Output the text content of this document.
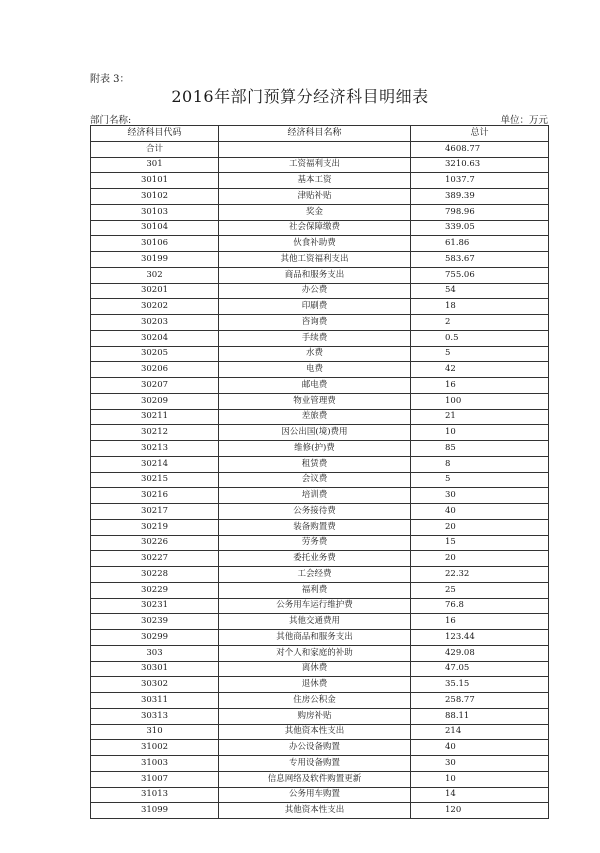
附表 3：
2016年部门预算分经济科目明细表
部门名称:	单位：万元
经济科目代码	经济科目名称	总计
合计		4608.77
301	工资福利支出	3210.63
30101	基本工资	1037.7
30102	津贴补贴	389.39
30103	奖金	798.96
30104	社会保障缴费	339.05
30106	伙食补助费	61.86
30199	其他工资福利支出	583.67
302	商品和服务支出	755.06
30201	办公费	54
30202	印刷费	18
30203	咨询费	2
30204	手续费	0.5
30205	水费	5
30206	电费	42
30207	邮电费	16
30209	物业管理费	100
30211	差旅费	21
30212	因公出国(境)费用	10
30213	维修(护)费	85
30214	租赁费	8
30215	会议费	5
30216	培训费	30
30217	公务接待费	40
30219	装备购置费	20
30226	劳务费	15
30227	委托业务费	20
30228	工会经费	22.32
30229	福利费	25
30231	公务用车运行维护费	76.8
30239	其他交通费用	16
30299	其他商品和服务支出	123.44
303	对个人和家庭的补助	429.08
30301	离休费	47.05
30302	退休费	35.15
30311	住房公积金	258.77
30313	购房补贴	88.11
310	其他资本性支出	214
31002	办公设备购置	40
31003	专用设备购置	30
31007	信息网络及软件购置更新	10
31013	公务用车购置	14
31099	其他资本性支出	120
